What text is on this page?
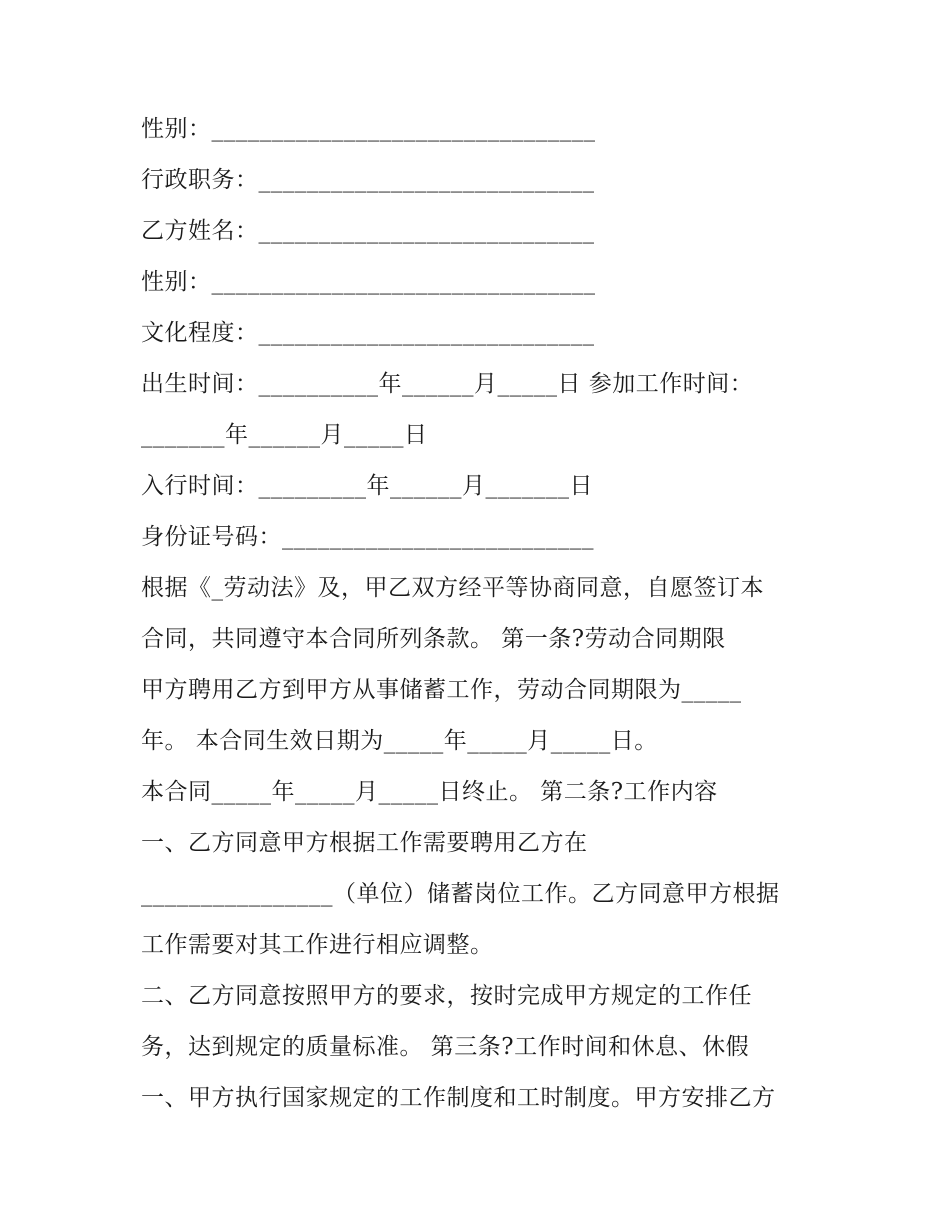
性别：________________________________
行政职务：____________________________
乙方姓名：____________________________
性别：________________________________
文化程度：____________________________
出生时间：__________年______月_____日 参加工作时间：
_______年______月_____日
入行时间：_________年______月_______日
身份证号码：__________________________
根据《_劳动法》及，甲乙双方经平等协商同意，自愿签订本
合同，共同遵守本合同所列条款。 第一条?劳动合同期限
甲方聘用乙方到甲方从事储蓄工作，劳动合同期限为_____
年。 本合同生效日期为_____年_____月_____日。
本合同_____年_____月_____日终止。 第二条?工作内容
一、乙方同意甲方根据工作需要聘用乙方在
________________（单位）储蓄岗位工作。乙方同意甲方根据
工作需要对其工作进行相应调整。
二、乙方同意按照甲方的要求，按时完成甲方规定的工作任
务，达到规定的质量标准。 第三条?工作时间和休息、休假
一、甲方执行国家规定的工作制度和工时制度。甲方安排乙方
